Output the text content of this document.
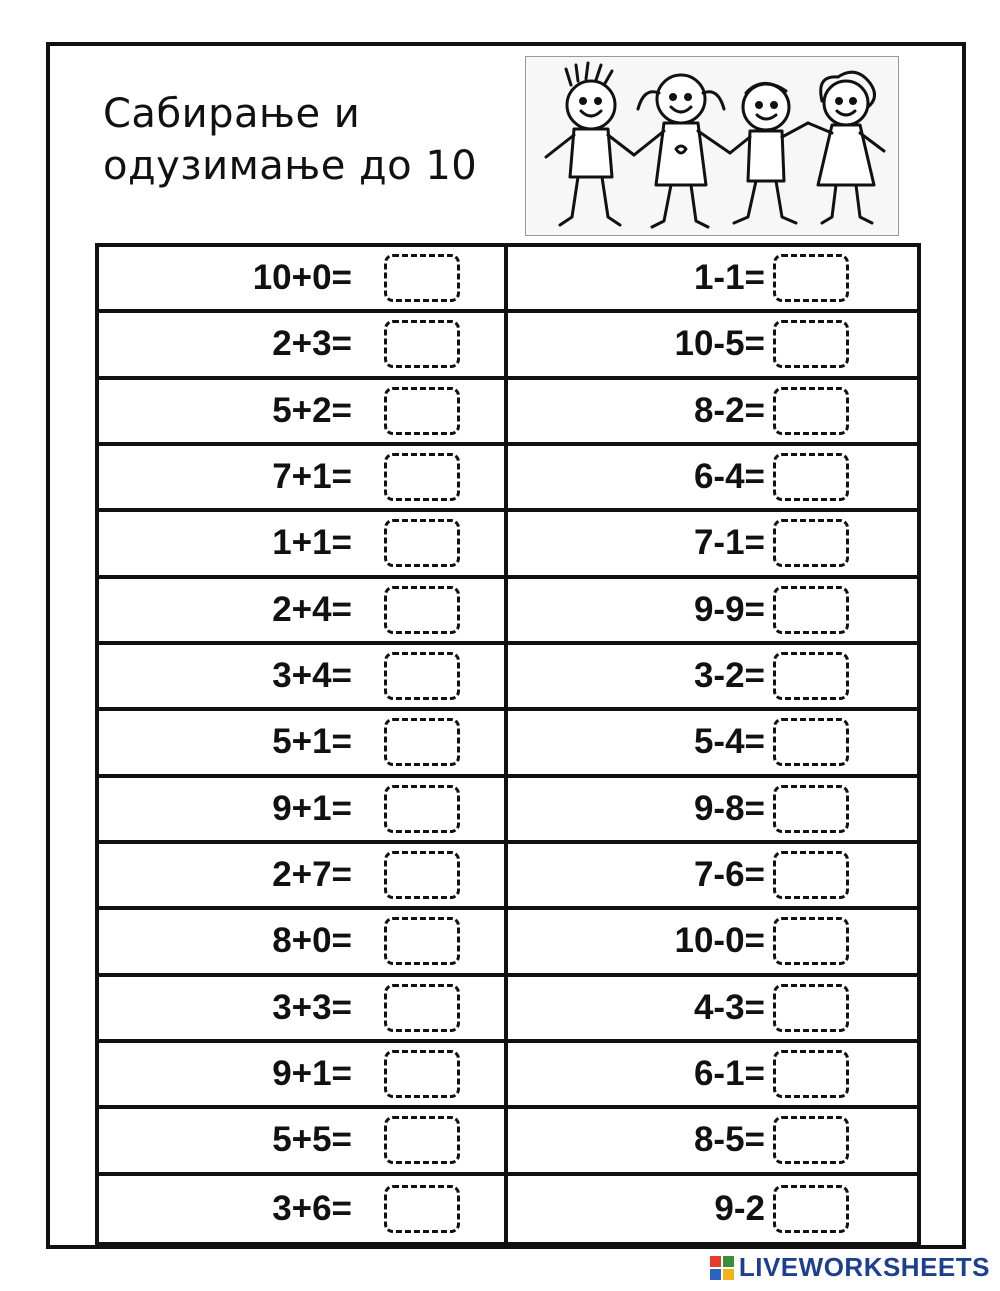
Сабирање и
одузимање до 10
10+0=	1-1=
2+3=	10-5=
5+2=	8-2=
7+1=	6-4=
1+1=	7-1=
2+4=	9-9=
3+4=	3-2=
5+1=	5-4=
9+1=	9-8=
2+7=	7-6=
8+0=	10-0=
3+3=	4-3=
9+1=	6-1=
5+5=	8-5=
3+6=	9-2
LIVEWORKSHEETS
